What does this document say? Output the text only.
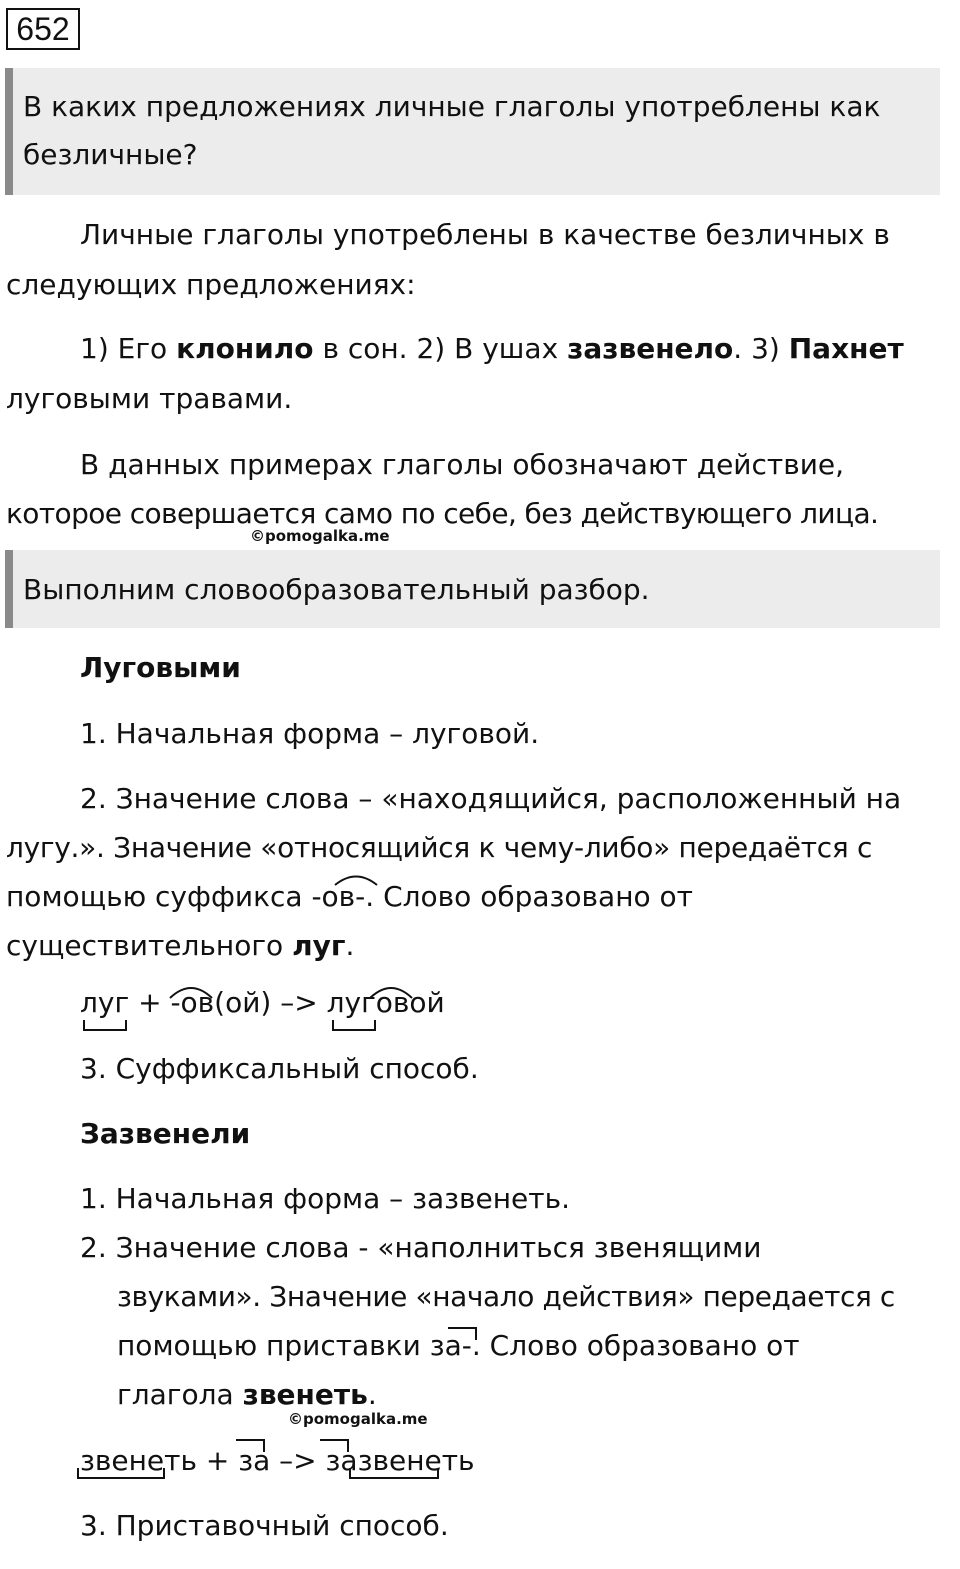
652
В каких предложениях личные глаголы употреблены как
безличные?
Личные глаголы употреблены в качестве безличных в
следующих предложениях:
1) Его клонило в сон. 2) В ушах зазвенело. 3) Пахнет
луговыми травами.
В данных примерах глаголы обозначают действие,
которое совершается само по себе, без действующего лица.
©pomogalka.me
Выполним словообразовательный разбор.
Луговыми
1. Начальная форма – луговой.
2. Значение слова – «находящийся, расположенный на
лугу.». Значение «относящийся к чему-либо» передаётся с
помощью суффикса -ов-. Слово образовано от
существительного луг.
луг + -ов(ой) –> луговой
3. Суффиксальный способ.
Зазвенели
1. Начальная форма – зазвенеть.
2. Значение слова - «наполниться звенящими
звуками». Значение «начало действия» передается с
помощью приставки за-. Слово образовано от
глагола звенеть.
©pomogalka.me
звенеть + за –> зазвенеть
3. Приставочный способ.
